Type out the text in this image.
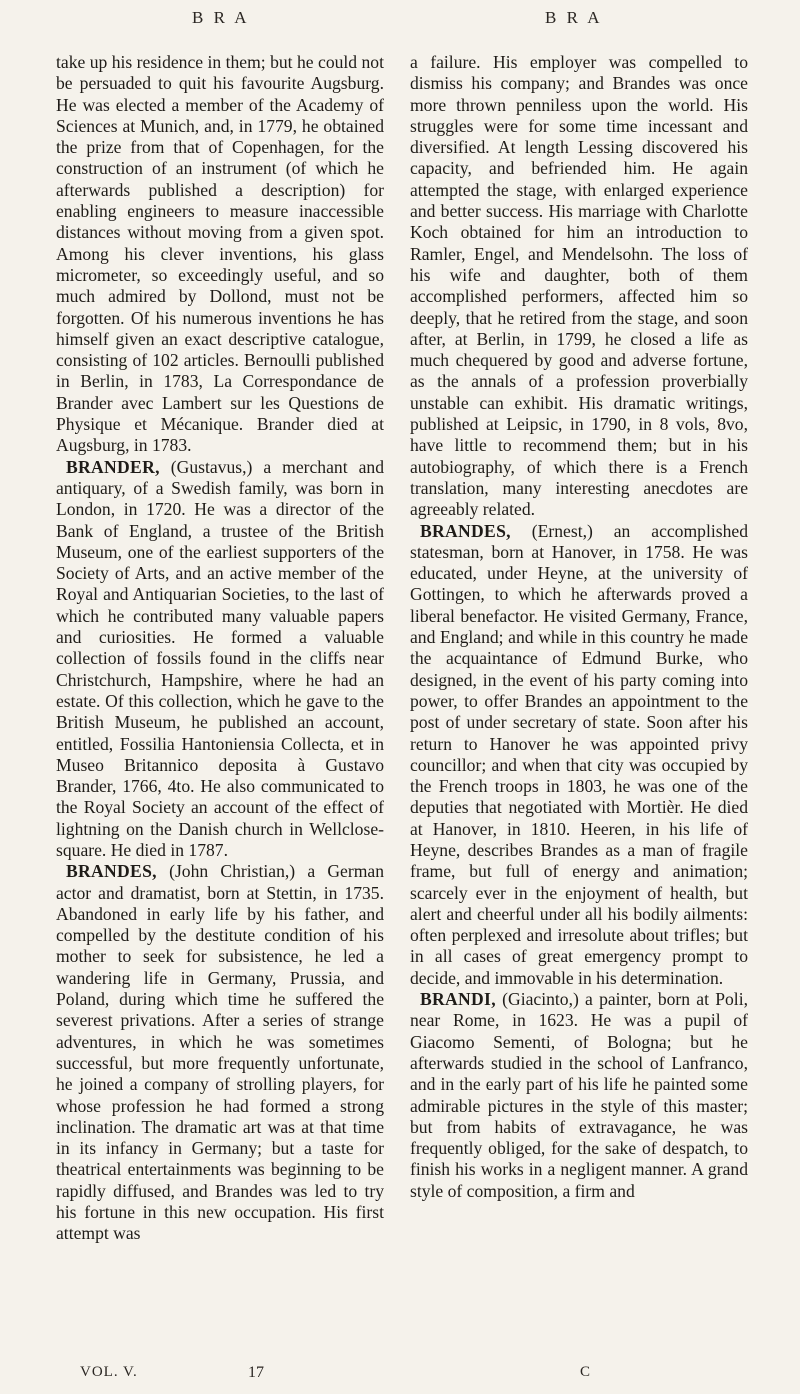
B R A	B R A

take up his residence in them; but he could not be persuaded to quit his favourite Augsburg. He was elected a member of the Academy of Sciences at Munich, and, in 1779, he obtained the prize from that of Copenhagen, for the construction of an instrument (of which he afterwards published a description) for enabling engineers to measure inaccessible distances without moving from a given spot. Among his clever inventions, his glass micrometer, so exceedingly useful, and so much admired by Dollond, must not be forgotten. Of his numerous inventions he has himself given an exact descriptive catalogue, consisting of 102 articles. Bernoulli published in Berlin, in 1783, La Correspondance de Brander avec Lambert sur les Questions de Physique et Mécanique. Brander died at Augsburg, in 1783.

BRANDER, (Gustavus,) a merchant and antiquary, of a Swedish family, was born in London, in 1720. He was a director of the Bank of England, a trustee of the British Museum, one of the earliest supporters of the Society of Arts, and an active member of the Royal and Antiquarian Societies, to the last of which he contributed many valuable papers and curiosities. He formed a valuable collection of fossils found in the cliffs near Christchurch, Hampshire, where he had an estate. Of this collection, which he gave to the British Museum, he published an account, entitled, Fossilia Hantoniensia Collecta, et in Museo Britannico deposita à Gustavo Brander, 1766, 4to. He also communicated to the Royal Society an account of the effect of lightning on the Danish church in Wellclose-square. He died in 1787.

BRANDES, (John Christian,) a German actor and dramatist, born at Stettin, in 1735. Abandoned in early life by his father, and compelled by the destitute condition of his mother to seek for subsistence, he led a wandering life in Germany, Prussia, and Poland, during which time he suffered the severest privations. After a series of strange adventures, in which he was sometimes successful, but more frequently unfortunate, he joined a company of strolling players, for whose profession he had formed a strong inclination. The dramatic art was at that time in its infancy in Germany; but a taste for theatrical entertainments was beginning to be rapidly diffused, and Brandes was led to try his fortune in this new occupation. His first attempt was

a failure. His employer was compelled to dismiss his company; and Brandes was once more thrown penniless upon the world. His struggles were for some time incessant and diversified. At length Lessing discovered his capacity, and befriended him. He again attempted the stage, with enlarged experience and better success. His marriage with Charlotte Koch obtained for him an introduction to Ramler, Engel, and Mendelsohn. The loss of his wife and daughter, both of them accomplished performers, affected him so deeply, that he retired from the stage, and soon after, at Berlin, in 1799, he closed a life as much chequered by good and adverse fortune, as the annals of a profession proverbially unstable can exhibit. His dramatic writings, published at Leipsic, in 1790, in 8 vols, 8vo, have little to recommend them; but in his autobiography, of which there is a French translation, many interesting anecdotes are agreeably related.

BRANDES, (Ernest,) an accomplished statesman, born at Hanover, in 1758. He was educated, under Heyne, at the university of Gottingen, to which he afterwards proved a liberal benefactor. He visited Germany, France, and England; and while in this country he made the acquaintance of Edmund Burke, who designed, in the event of his party coming into power, to offer Brandes an appointment to the post of under secretary of state. Soon after his return to Hanover he was appointed privy councillor; and when that city was occupied by the French troops in 1803, he was one of the deputies that negotiated with Mortièr. He died at Hanover, in 1810. Heeren, in his life of Heyne, describes Brandes as a man of fragile frame, but full of energy and animation; scarcely ever in the enjoyment of health, but alert and cheerful under all his bodily ailments: often perplexed and irresolute about trifles; but in all cases of great emergency prompt to decide, and immovable in his determination.

BRANDI, (Giacinto,) a painter, born at Poli, near Rome, in 1623. He was a pupil of Giacomo Sementi, of Bologna; but he afterwards studied in the school of Lanfranco, and in the early part of his life he painted some admirable pictures in the style of this master; but from habits of extravagance, he was frequently obliged, for the sake of despatch, to finish his works in a negligent manner. A grand style of composition, a firm and

VOL. V.	17	C
